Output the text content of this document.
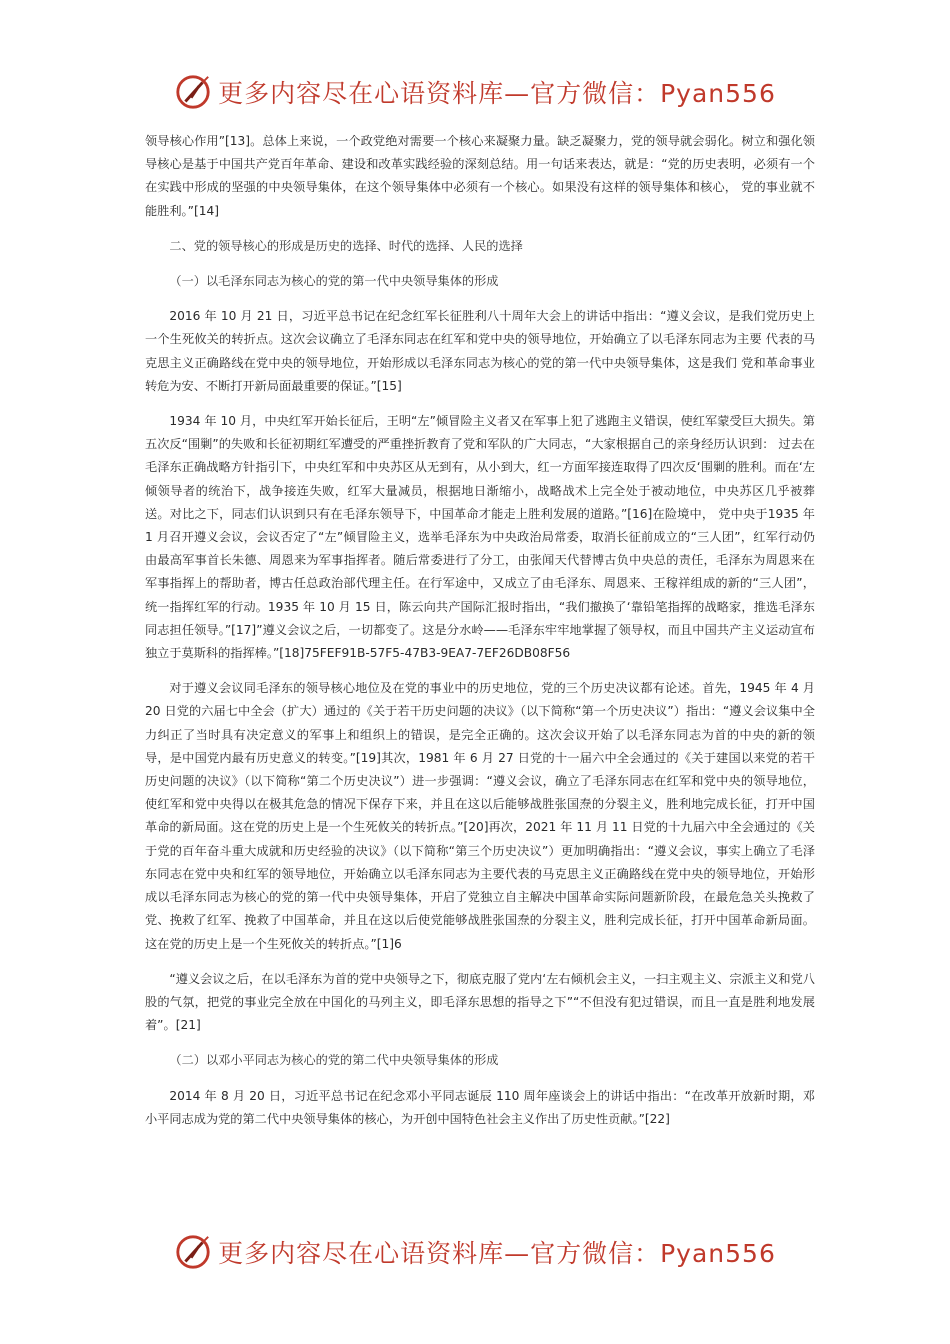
更多内容尽在心语资料库—官方微信：Pyan556

领导核心作用”[13]。总体上来说，一个政党绝对需要一个核心来凝聚力量。缺乏凝聚力，党的领导就会弱化。树立和强化领导核心是基于中国共产党百年革命、建设和改革实践经验的深刻总结。用一句话来表达，就是：“党的历史表明，必须有一个在实践中形成的坚强的中央领导集体，在这个领导集体中必须有一个核心。如果没有这样的领导集体和核心， 党的事业就不能胜利。”[14]

二、党的领导核心的形成是历史的选择、时代的选择、人民的选择

（一）以毛泽东同志为核心的党的第一代中央领导集体的形成

2016 年 10 月 21 日，习近平总书记在纪念红军长征胜利八十周年大会上的讲话中指出：“遵义会议，是我们党历史上一个生死攸关的转折点。这次会议确立了毛泽东同志在红军和党中央的领导地位，开始确立了以毛泽东同志为主要 代表的马克思主义正确路线在党中央的领导地位，开始形成以毛泽东同志为核心的党的第一代中央领导集体，这是我们 党和革命事业转危为安、不断打开新局面最重要的保证。”[15]

1934 年 10 月，中央红军开始长征后，王明“左”倾冒险主义者又在军事上犯了逃跑主义错误，使红军蒙受巨大损失。第五次反“围剿”的失败和长征初期红军遭受的严重挫折教育了党和军队的广大同志，“大家根据自己的亲身经历认识到： 过去在毛泽东正确战略方针指引下，中央红军和中央苏区从无到有，从小到大，红一方面军接连取得了四次反‘围剿的胜利。而在‘左倾领导者的统治下，战争接连失败，红军大量减员，根据地日渐缩小，战略战术上完全处于被动地位，中央苏区几乎被葬送。对比之下，同志们认识到只有在毛泽东领导下，中国革命才能走上胜利发展的道路。”[16]在险境中， 党中央于1935 年 1 月召开遵义会议，会议否定了“左”倾冒险主义，选举毛泽东为中央政治局常委，取消长征前成立的“三人团”，红军行动仍由最高军事首长朱德、周恩来为军事指挥者。随后常委进行了分工，由张闻天代替博古负中央总的责任，毛泽东为周恩来在军事指挥上的帮助者，博古任总政治部代理主任。在行军途中，又成立了由毛泽东、周恩来、王稼祥组成的新的“三人团”，统一指挥红军的行动。1935 年 10 月 15 日，陈云向共产国际汇报时指出，“我们撤换了‘靠铅笔指挥的战略家，推选毛泽东同志担任领导。”[17]”遵义会议之后，一切都变了。这是分水岭——毛泽东牢牢地掌握了领导权，而且中国共产主义运动宣布独立于莫斯科的指挥棒。”[18]75FEF91B-57F5-47B3-9EA7-7EF26DB08F56

对于遵义会议同毛泽东的领导核心地位及在党的事业中的历史地位，党的三个历史决议都有论述。首先，1945 年 4 月 20 日党的六届七中全会（扩大）通过的《关于若干历史问题的决议》（以下简称“第一个历史决议”）指出：“遵义会议集中全力纠正了当时具有决定意义的军事上和组织上的错误，是完全正确的。这次会议开始了以毛泽东同志为首的中央的新的领导，是中国党内最有历史意义的转变。”[19]其次，1981 年 6 月 27 日党的十一届六中全会通过的《关于建国以来党的若干历史问题的决议》（以下简称“第二个历史决议”）进一步强调：“遵义会议，确立了毛泽东同志在红军和党中央的领导地位，使红军和党中央得以在极其危急的情况下保存下来，并且在这以后能够战胜张国焘的分裂主义，胜利地完成长征，打开中国革命的新局面。这在党的历史上是一个生死攸关的转折点。”[20]再次，2021 年 11 月 11 日党的十九届六中全会通过的《关于党的百年奋斗重大成就和历史经验的决议》（以下简称“第三个历史决议”）更加明确指出：“遵义会议，事实上确立了毛泽东同志在党中央和红军的领导地位，开始确立以毛泽东同志为主要代表的马克思主义正确路线在党中央的领导地位，开始形成以毛泽东同志为核心的党的第一代中央领导集体，开启了党独立自主解决中国革命实际问题新阶段，在最危急关头挽救了党、挽救了红军、挽救了中国革命，并且在这以后使党能够战胜张国焘的分裂主义，胜利完成长征，打开中国革命新局面。这在党的历史上是一个生死攸关的转折点。”[1]6

“遵义会议之后，在以毛泽东为首的党中央领导之下，彻底克服了党内‘左右倾机会主义，一扫主观主义、宗派主义和党八股的气氛，把党的事业完全放在中国化的马列主义，即毛泽东思想的指导之下”“不但没有犯过错误，而且一直是胜利地发展着”。[21]

（二）以邓小平同志为核心的党的第二代中央领导集体的形成

2014 年 8 月 20 日，习近平总书记在纪念邓小平同志诞辰 110 周年座谈会上的讲话中指出：“在改革开放新时期，邓小平同志成为党的第二代中央领导集体的核心，为开创中国特色社会主义作出了历史性贡献。”[22]

更多内容尽在心语资料库—官方微信：Pyan556
